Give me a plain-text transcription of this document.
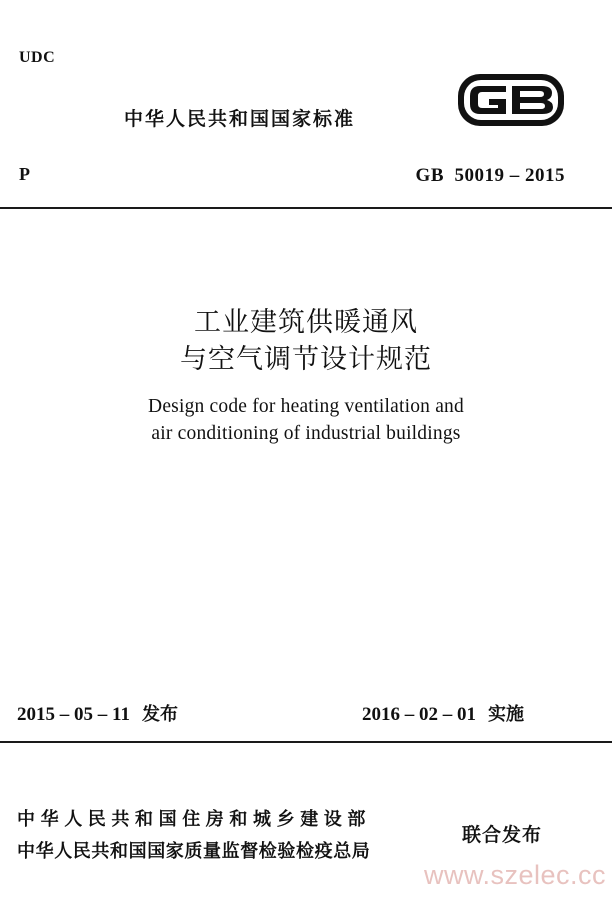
UDC
中华人民共和国国家标准
GB
P	GB  50019 – 2015
工业建筑供暖通风
与空气调节设计规范
Design code for heating ventilation and
air conditioning of industrial buildings
2015 – 05 – 11 发布	2016 – 02 – 01 实施
中华人民共和国住房和城乡建设部
中华人民共和国国家质量监督检验检疫总局
联合发布
www.szelec.cc
